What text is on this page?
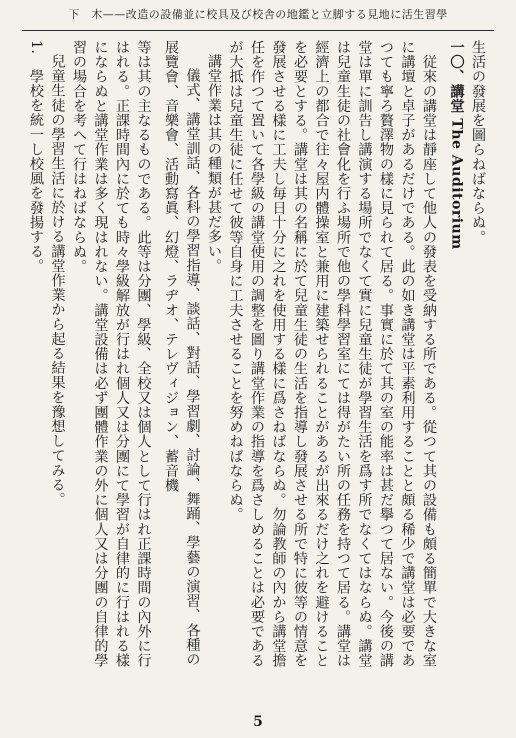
下　木——改造の設備並に校具及び校舎の地鑑と立脚する見地に活生習學

生活の發展を圖らねばならぬ。

一〇、講堂 The Auditorium

　従來の講堂は靜座して他人の發表を受納する所である。從つて其の設備も頗る簡單で大きな室に講壇と卓子があるだけである。此の如き講堂は平素利用することと頗る稀少で講堂は必要であつても寧ろ贅澤物の樣に見られて居る。事實に於て其の室の能率は甚だ擧つて居ない。今後の講堂は單に訓告し講演する場所でなくて實に兒童生徒が學習生活を爲す所でなくてはならぬ。講堂は兒童生徒の社會化を行ふ場所で他の學科學習室にては得がたい所の任務を持つて居る。講堂は經濟上の都合で往々屋内體操室と兼用に建築せられることがあるが出來るだけ之れを避けることを必要とする。講堂は其の名稱に於て兒童生徒の生活を指導し發展させる所で特に彼等の情意を發展させる樣に工夫し毎日十分に之れを使用する樣に爲さねばならぬ。勿論教師の內から講堂擔任を作つて置いて各學級の講堂使用の調整を圖り講堂作業の指導を爲さしめることは必要であるが大抵は兒童生徒に任せて彼等自身に工夫させることを努めねばならぬ。

講堂作業は其の種類が甚だ多い。

儀式、講堂訓話、各科の學習指導、談話、對話、學習劇、討論、舞踊、學藝の演習、各種の展覽會、音樂會、活動寫眞、幻燈、ラヂオ、テレヴィジョン、蓄音機

等は其の主なるものである。此等は分團、學級、全校又は個人として行はれ正課時間の內外に行はれる。正課時間內に於ても時々學級解放が行はれ個人又は分團にて學習が自律的に行はれる樣にならぬと講堂作業は多く現はれない。講堂設備は必ず團體作業の外に個人又は分團の自律的學習の場合を考へて行はねばならぬ。

兒童生徒の學習生活に於ける講堂作業から起る結果を豫想してみる。

1.　學校を統一し校風を發揚する。

5
